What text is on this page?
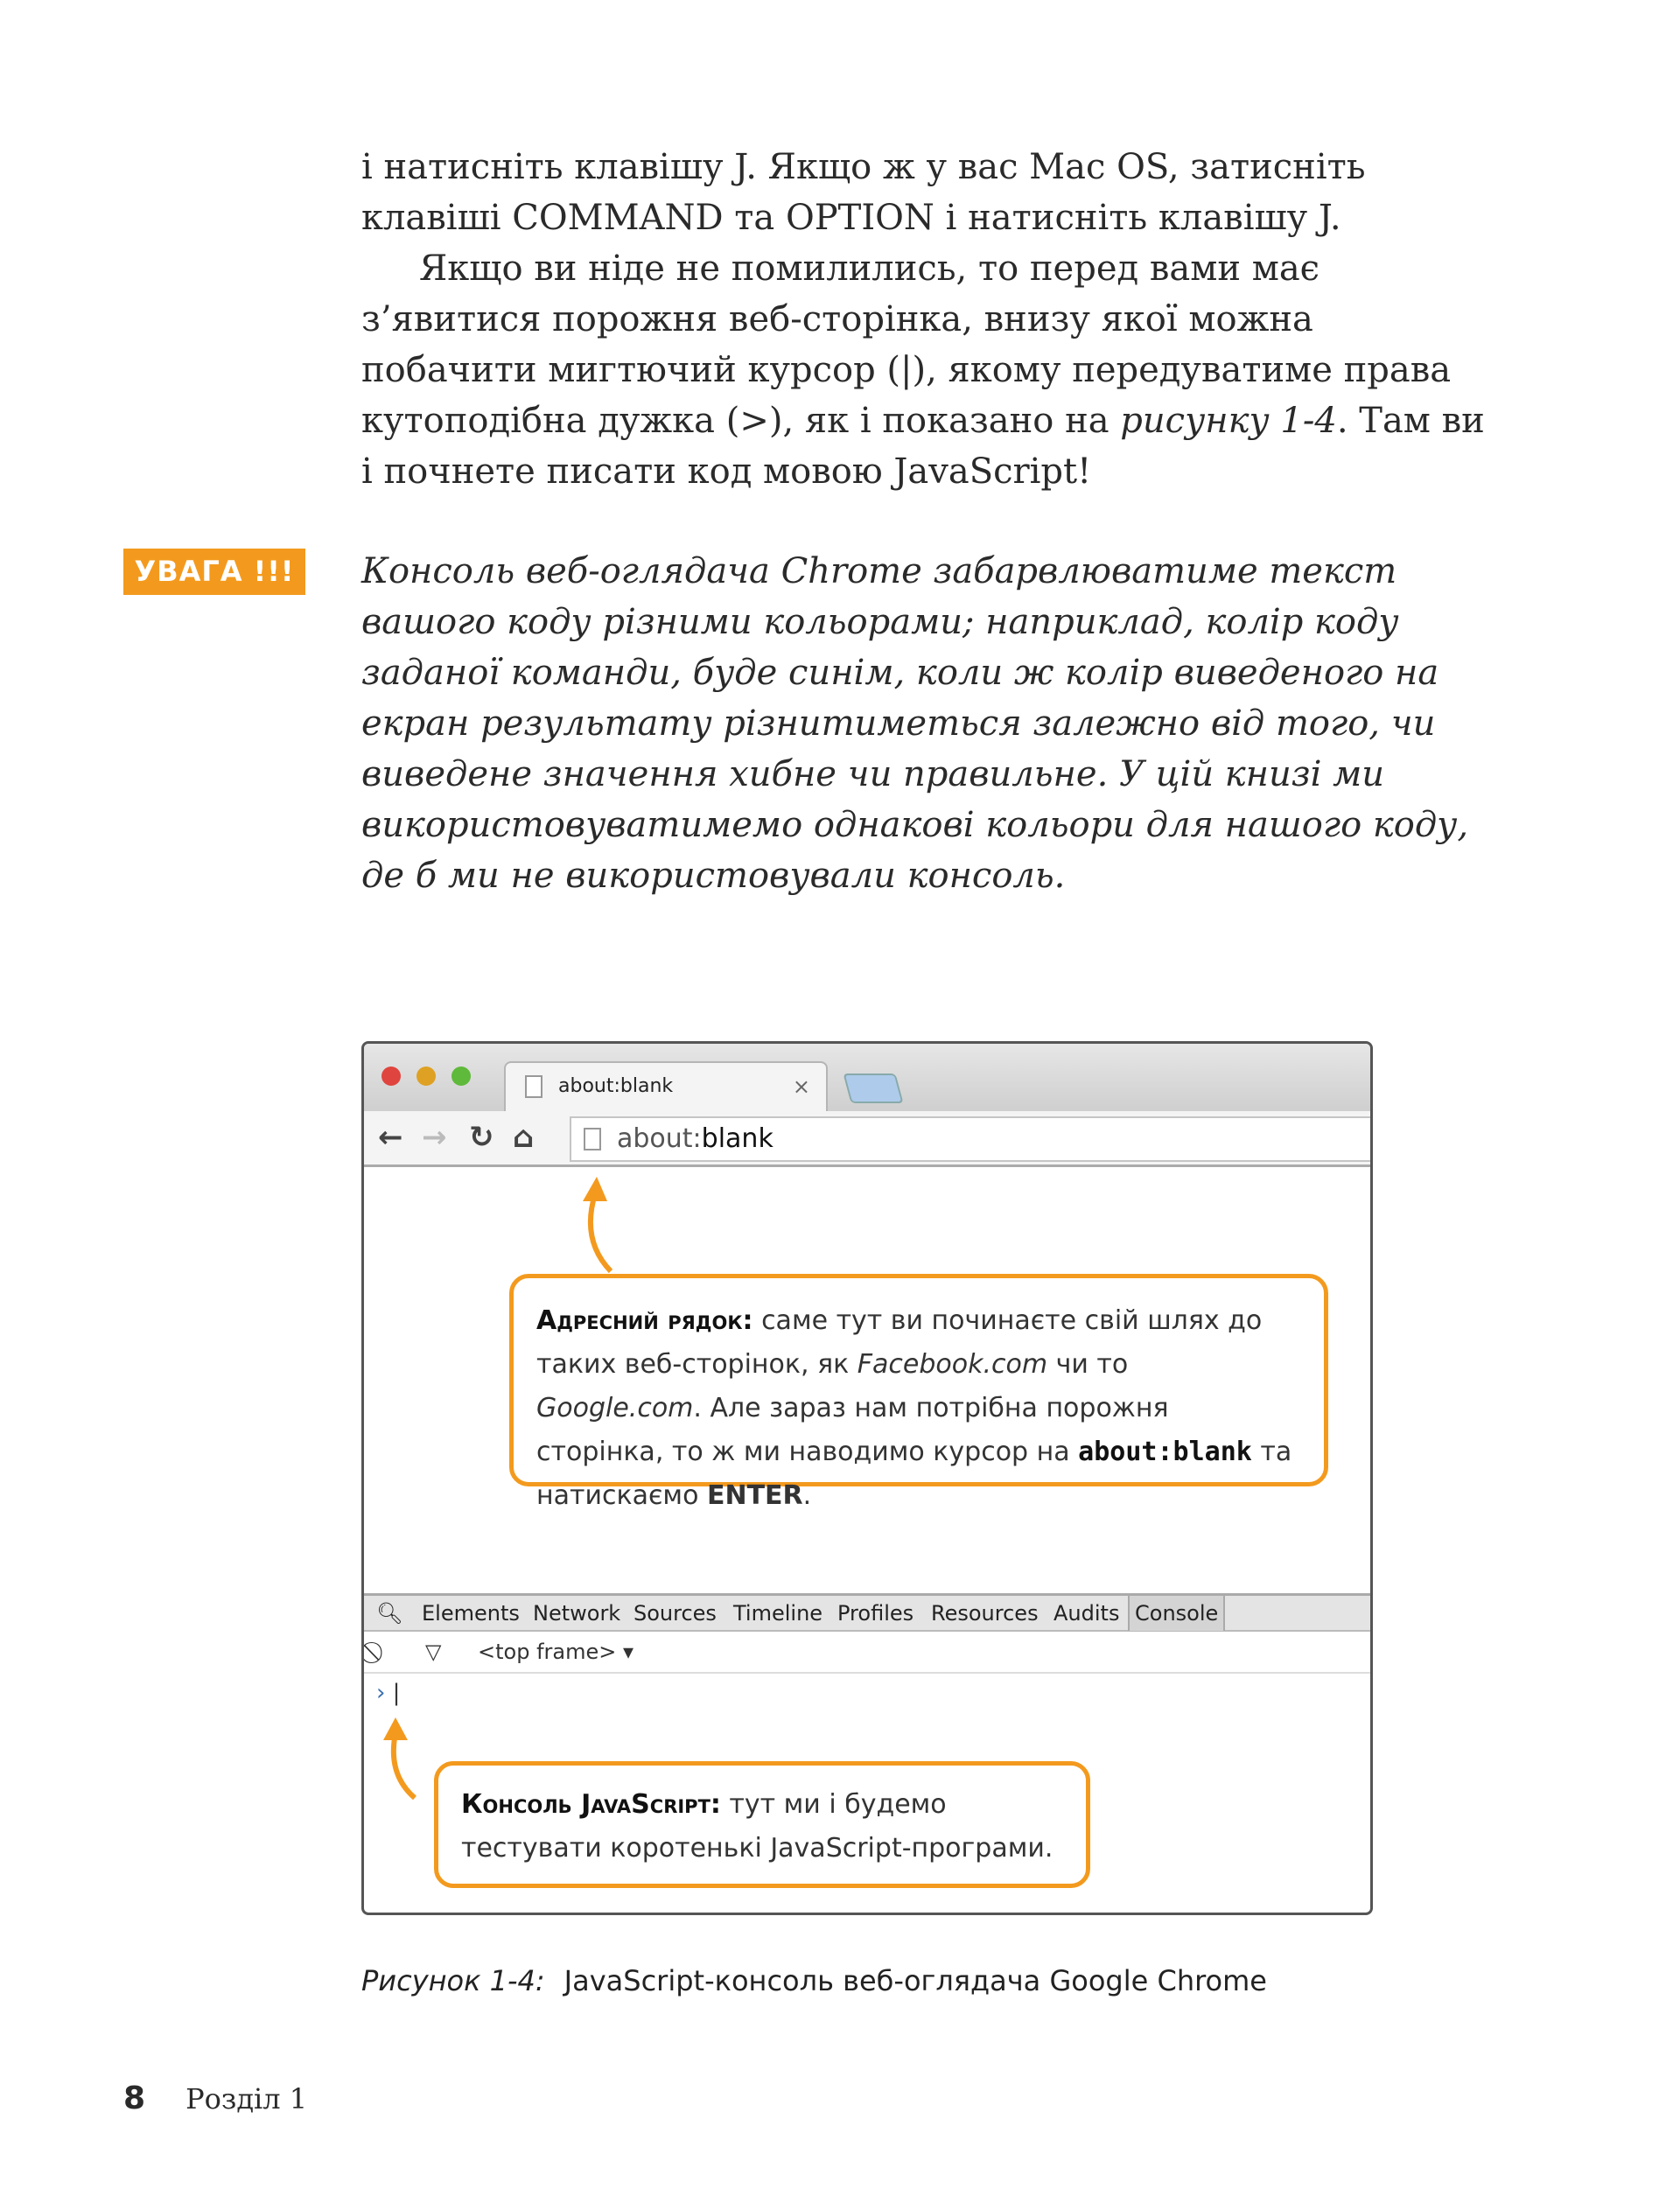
і натисніть клавішу J. Якщо ж у вас Mac OS, затисніть клавіші COMMAND та OPTION і натисніть клавішу J.
Якщо ви ніде не помилились, то перед вами має з’явитися порожня веб-сторінка, внизу якої можна побачити мигтючий курсор (|), якому передуватиме права кутоподібна дужка (>), як і показано на рисунку 1-4. Там ви і почнете писати код мовою JavaScript!
УВАГА !!!	Консоль веб-оглядача Chrome забарвлюватиме текст вашого коду різними кольорами; наприклад, колір коду заданої команди, буде синім, коли ж колір виведеного на екран результату різнитиметься залежно від того, чи виведене значення хибне чи правильне. У цій книзі ми використовуватимемо однакові кольори для нашого коду, де б ми не використовували консоль.
about:blank	×
← → ↻ ⌂	about:blank
Адресний рядок: саме тут ви починаєте свій шлях до таких веб-сторінок, як Facebook.com чи то Google.com. Але зараз нам потрібна порожня сторінка, то ж ми наводимо курсор на about:blank та натискаємо ENTER.
🔍︎ Elements Network Sources Timeline Profiles Resources Audits Console
▽ <top frame> ▾
› |
Консоль JavaScript: тут ми і будемо тестувати коротенькі JavaScript-програми.
Рисунок 1-4: JavaScript-консоль веб-оглядача Google Chrome
8 Розділ 1
